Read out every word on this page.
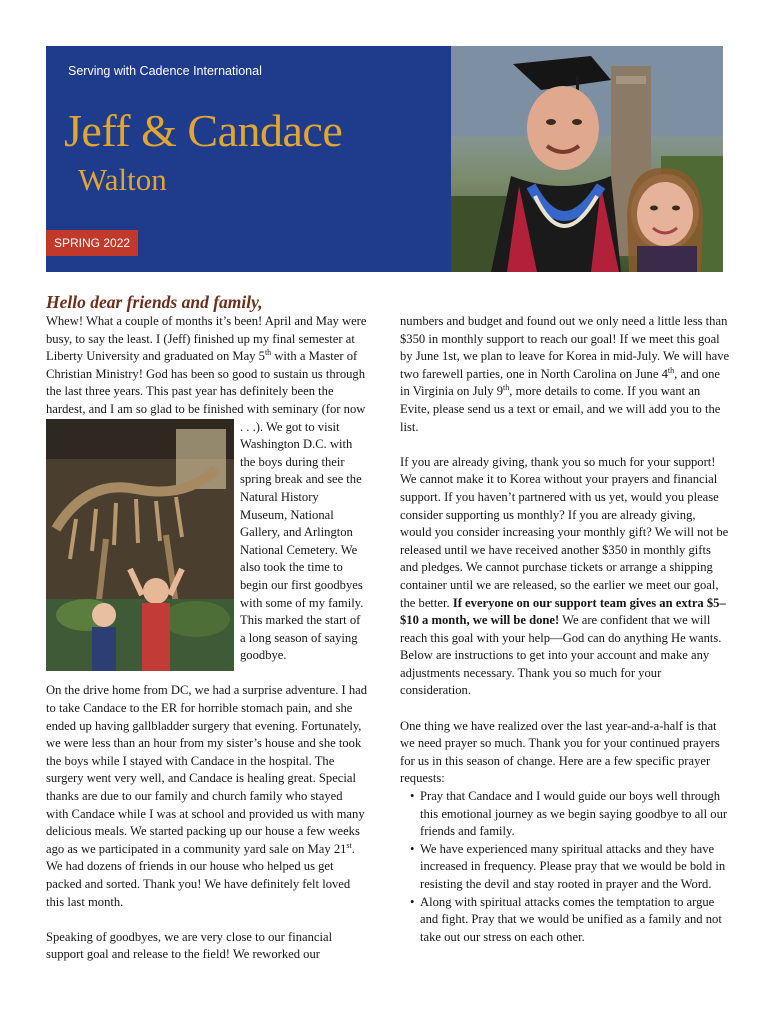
Serving with Cadence International
Jeff & Candace
Walton
SPRING 2022
Hello dear friends and family,

Whew! What a couple of months it’s been! April and May were busy, to say the least. I (Jeff) finished up my final semester at Liberty University and graduated on May 5th with a Master of Christian Ministry! God has been so good to sustain us through the last three years. This past year has definitely been the hardest, and I am so glad to be finished with seminary (for now . . .). We got to visit Washington D.C. with the boys during their spring break and see the Natural History Museum, National Gallery, and Arlington National Cemetery. We also took the time to begin our first goodbyes with some of my family. This marked the start of a long season of saying goodbye.

On the drive home from DC, we had a surprise adventure. I had to take Candace to the ER for horrible stomach pain, and she ended up having gallbladder surgery that evening. Fortunately, we were less than an hour from my sister’s house and she took the boys while I stayed with Candace in the hospital. The surgery went very well, and Candace is healing great. Special thanks are due to our family and church family who stayed with Candace while I was at school and provided us with many delicious meals. We started packing up our house a few weeks ago as we participated in a community yard sale on May 21st. We had dozens of friends in our house who helped us get packed and sorted. Thank you! We have definitely felt loved this last month.

Speaking of goodbyes, we are very close to our financial support goal and release to the field! We reworked our

numbers and budget and found out we only need a little less than $350 in monthly support to reach our goal! If we meet this goal by June 1st, we plan to leave for Korea in mid-July. We will have two farewell parties, one in North Carolina on June 4th, and one in Virginia on July 9th, more details to come. If you want an Evite, please send us a text or email, and we will add you to the list.

If you are already giving, thank you so much for your support! We cannot make it to Korea without your prayers and financial support. If you haven’t partnered with us yet, would you please consider supporting us monthly? If you are already giving, would you consider increasing your monthly gift? We will not be released until we have received another $350 in monthly gifts and pledges. We cannot purchase tickets or arrange a shipping container until we are released, so the earlier we meet our goal, the better. If everyone on our support team gives an extra $5–$10 a month, we will be done! We are confident that we will reach this goal with your help—God can do anything He wants. Below are instructions to get into your account and make any adjustments necessary. Thank you so much for your consideration.

One thing we have realized over the last year-and-a-half is that we need prayer so much. Thank you for your continued prayers for us in this season of change. Here are a few specific prayer requests:

• Pray that Candace and I would guide our boys well through this emotional journey as we begin saying goodbye to all our friends and family.
• We have experienced many spiritual attacks and they have increased in frequency. Please pray that we would be bold in resisting the devil and stay rooted in prayer and the Word.
• Along with spiritual attacks comes the temptation to argue and fight. Pray that we would be unified as a family and not take out our stress on each other.
